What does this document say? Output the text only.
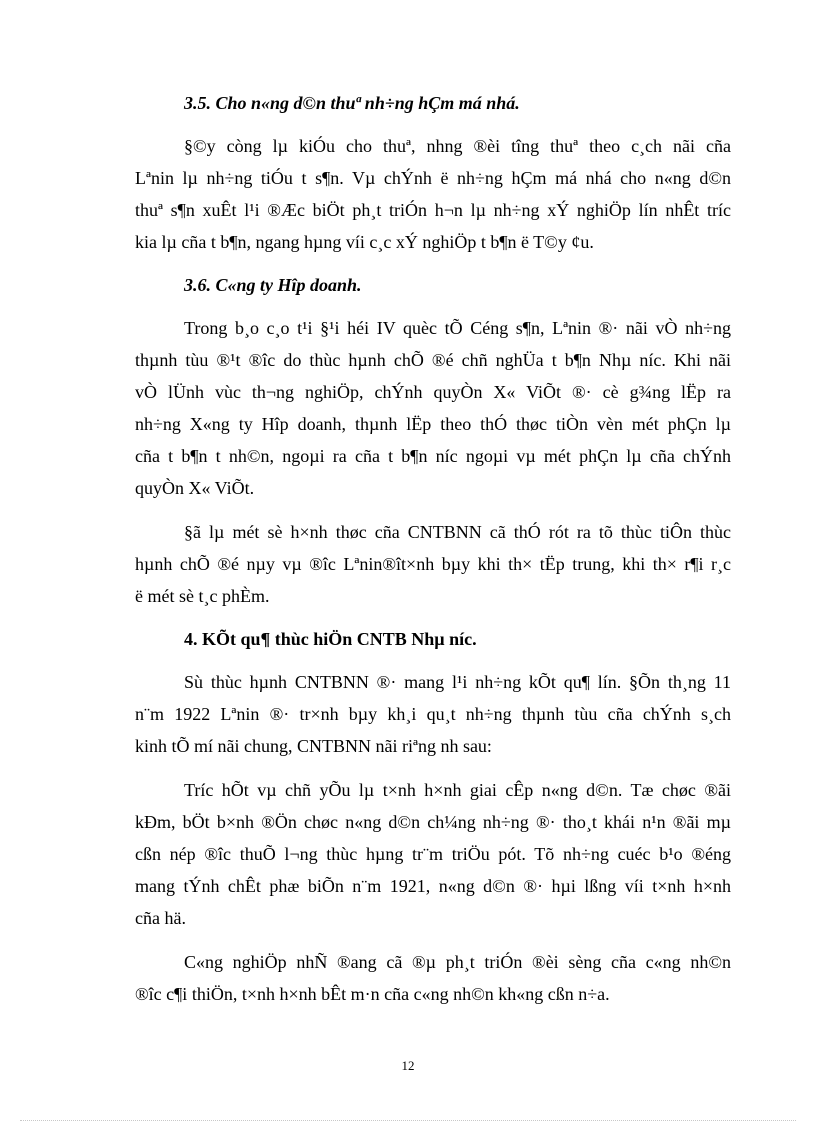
3.5. Cho n«ng d©n thuª nh÷ng hÇm má nhá.
§©y còng lµ kiÓu cho thuª, nhng ®èi tîng thuª theo c¸ch nãi cña
Lªnin lµ nh÷ng tiÓu t s¶n. Vµ chÝnh ë nh÷ng hÇm má nhá cho n«ng d©n
thuª s¶n xuÊt l¹i ®Æc biÖt ph¸t triÓn h¬n lµ nh÷ng xÝ nghiÖp lín nhÊt tríc
kia lµ cña t b¶n, ngang hµng víi c¸c xÝ nghiÖp t b¶n ë T©y ¢u.
3.6. C«ng ty Hîp doanh.
Trong b¸o c¸o t¹i §¹i héi IV quèc tÕ Céng s¶n, Lªnin ®· nãi vÒ nh÷ng
thµnh tùu ®¹t ®îc do thùc hµnh chÕ ®é chñ nghÜa t b¶n Nhµ níc. Khi nãi
vÒ lÜnh vùc th¬ng nghiÖp, chÝnh quyÒn X« ViÕt ®· cè g¾ng lËp ra
nh÷ng X«ng ty Hîp doanh, thµnh lËp theo thÓ thøc tiÒn vèn mét phÇn lµ
cña t b¶n t nh©n, ngoµi ra cña t b¶n níc ngoµi vµ mét phÇn lµ cña chÝnh
quyÒn X« ViÕt.
§ã lµ mét sè h×nh thøc cña CNTBNN cã thÓ rót ra tõ thùc tiÔn thùc
hµnh chÕ ®é nµy vµ ®îc Lªnin®ît×nh bµy khi th× tËp trung, khi th× r¶i r¸c
ë mét sè t¸c phÈm.
4. KÕt qu¶ thùc hiÖn CNTB Nhµ níc.
Sù thùc hµnh CNTBNN ®· mang l¹i nh÷ng kÕt qu¶ lín. §Õn th¸ng 11
n¨m 1922 Lªnin ®· tr×nh bµy kh¸i qu¸t nh÷ng thµnh tùu cña chÝnh s¸ch
kinh tÕ mí nãi chung, CNTBNN nãi riªng nh sau:
Tríc hÕt vµ chñ yÕu lµ t×nh h×nh giai cÊp n«ng d©n. Tæ chøc ®ãi
kÐm, bÖt b×nh ®Ön chøc n«ng d©n ch¼ng nh÷ng ®· tho¸t khái n¹n ®ãi mµ
cßn nép ®îc thuÕ l¬ng thùc hµng tr¨m triÖu pót. Tõ nh÷ng cuéc b¹o ®éng
mang tÝnh chÊt phæ biÕn n¨m 1921, n«ng d©n ®· hµi lßng víi t×nh h×nh
cña hä.
C«ng nghiÖp nhÑ ®ang cã ®µ ph¸t triÓn ®èi sèng cña c«ng nh©n
®îc c¶i thiÖn, t×nh h×nh bÊt m·n cña c«ng nh©n kh«ng cßn n÷a.
12
